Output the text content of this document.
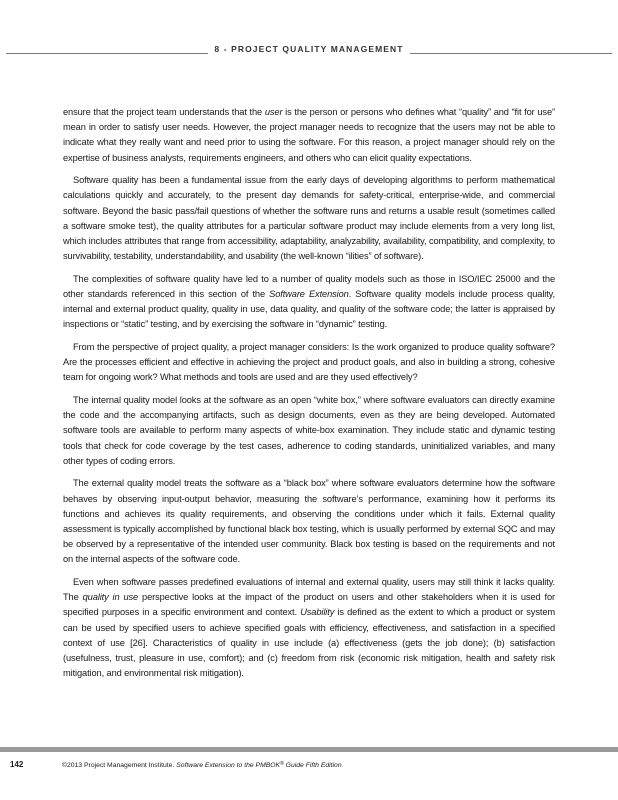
8 - PROJECT QUALITY MANAGEMENT

ensure that the project team understands that the user is the person or persons who defines what “quality” and “fit for use” mean in order to satisfy user needs. However, the project manager needs to recognize that the users may not be able to indicate what they really want and need prior to using the software. For this reason, a project manager should rely on the expertise of business analysts, requirements engineers, and others who can elicit quality expectations.

Software quality has been a fundamental issue from the early days of developing algorithms to perform mathematical calculations quickly and accurately, to the present day demands for safety-critical, enterprise-wide, and commercial software. Beyond the basic pass/fail questions of whether the software runs and returns a usable result (sometimes called a software smoke test), the quality attributes for a particular software product may include elements from a very long list, which includes attributes that range from accessibility, adaptability, analyzability, availability, compatibility, and complexity, to survivability, testability, understandability, and usability (the well-known “ilities” of software).

The complexities of software quality have led to a number of quality models such as those in ISO/IEC 25000 and the other standards referenced in this section of the Software Extension. Software quality models include process quality, internal and external product quality, quality in use, data quality, and quality of the software code; the latter is appraised by inspections or “static” testing, and by exercising the software in “dynamic” testing.

From the perspective of project quality, a project manager considers: Is the work organized to produce quality software? Are the processes efficient and effective in achieving the project and product goals, and also in building a strong, cohesive team for ongoing work? What methods and tools are used and are they used effectively?

The internal quality model looks at the software as an open “white box,” where software evaluators can directly examine the code and the accompanying artifacts, such as design documents, even as they are being developed. Automated software tools are available to perform many aspects of white-box examination. They include static and dynamic testing tools that check for code coverage by the test cases, adherence to coding standards, uninitialized variables, and many other types of coding errors.

The external quality model treats the software as a “black box” where software evaluators determine how the software behaves by observing input-output behavior, measuring the software’s performance, examining how it performs its functions and achieves its quality requirements, and observing the conditions under which it fails. External quality assessment is typically accomplished by functional black box testing, which is usually performed by external SQC and may be observed by a representative of the intended user community. Black box testing is based on the requirements and not on the internal aspects of the software code.

Even when software passes predefined evaluations of internal and external quality, users may still think it lacks quality. The quality in use perspective looks at the impact of the product on users and other stakeholders when it is used for specified purposes in a specific environment and context. Usability is defined as the extent to which a product or system can be used by specified users to achieve specified goals with efficiency, effectiveness, and satisfaction in a specified context of use [26]. Characteristics of quality in use include (a) effectiveness (gets the job done); (b) satisfaction (usefulness, trust, pleasure in use, comfort); and (c) freedom from risk (economic risk mitigation, health and safety risk mitigation, and environmental risk mitigation).

142	©2013 Project Management Institute. Software Extension to the PMBOK® Guide Fifth Edition
